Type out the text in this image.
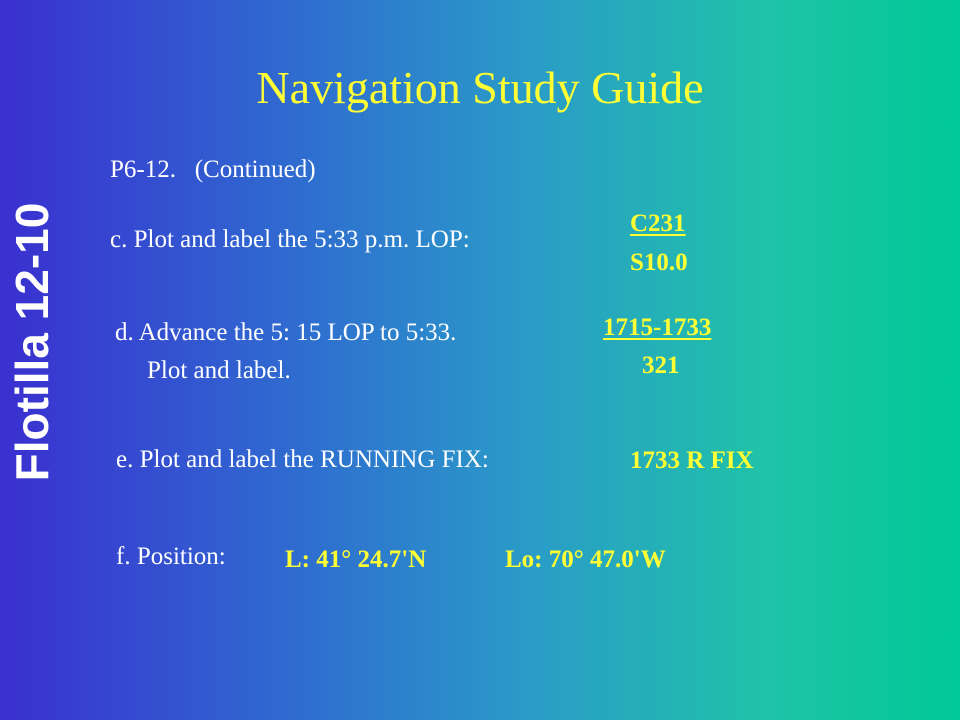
Navigation Study Guide
Flotilla 12-10
P6-12.   (Continued)
c. Plot and label the 5:33 p.m. LOP:
C231
S10.0
d. Advance the 5: 15 LOP to 5:33.
Plot and label.
1715-1733
321
e. Plot and label the RUNNING FIX:	1733 R FIX
f. Position: L: 41° 24.7'N	Lo: 70° 47.0'W
